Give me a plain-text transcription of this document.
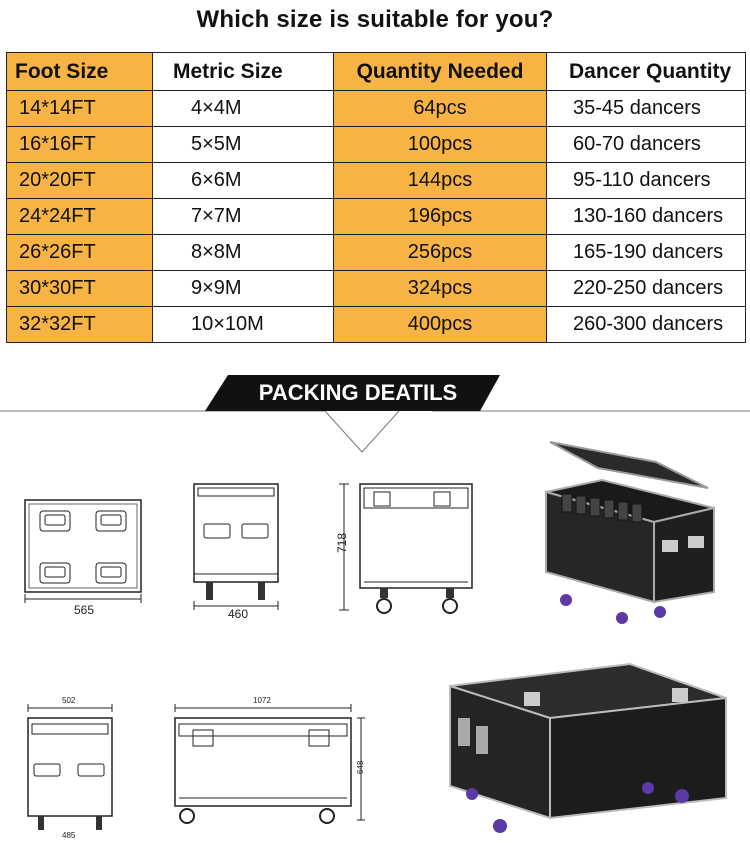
Which size is suitable for you?
Foot Size	Metric Size	Quantity Needed	Dancer Quantity
14*14FT	4×4M	64pcs	35-45 dancers
16*16FT	5×5M	100pcs	60-70 dancers
20*20FT	6×6M	144pcs	95-110 dancers
24*24FT	7×7M	196pcs	130-160 dancers
26*26FT	8×8M	256pcs	165-190 dancers
30*30FT	9×9M	324pcs	220-250 dancers
32*32FT	10×10M	400pcs	260-300 dancers
PACKING DEATILS
565	460
718
502
485
1072
648
